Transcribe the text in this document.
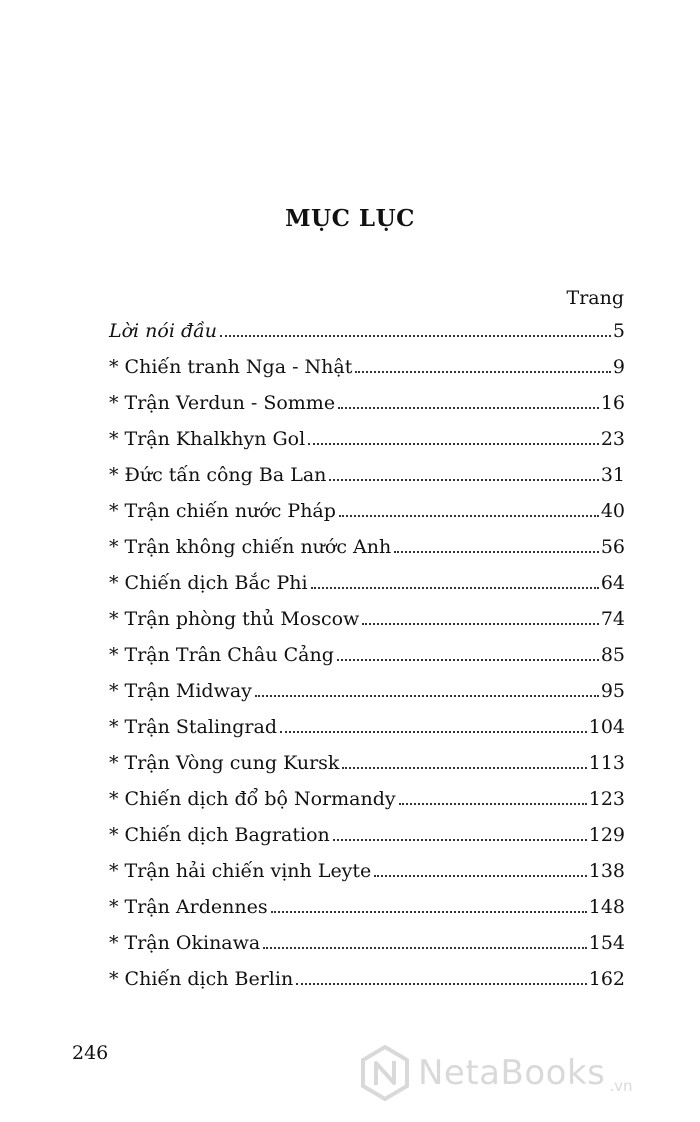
MỤC LỤC
Trang
Lời nói đầu	5
* Chiến tranh Nga - Nhật	9
* Trận Verdun - Somme	16
* Trận Khalkhyn Gol	23
* Đức tấn công Ba Lan	31
* Trận chiến nước Pháp	40
* Trận không chiến nước Anh	56
* Chiến dịch Bắc Phi	64
* Trận phòng thủ Moscow	74
* Trận Trân Châu Cảng	85
* Trận Midway	95
* Trận Stalingrad	104
* Trận Vòng cung Kursk	113
* Chiến dịch đổ bộ Normandy	123
* Chiến dịch Bagration	129
* Trận hải chiến vịnh Leyte	138
* Trận Ardennes	148
* Trận Okinawa	154
* Chiến dịch Berlin	162
246	NetaBooks .vn
